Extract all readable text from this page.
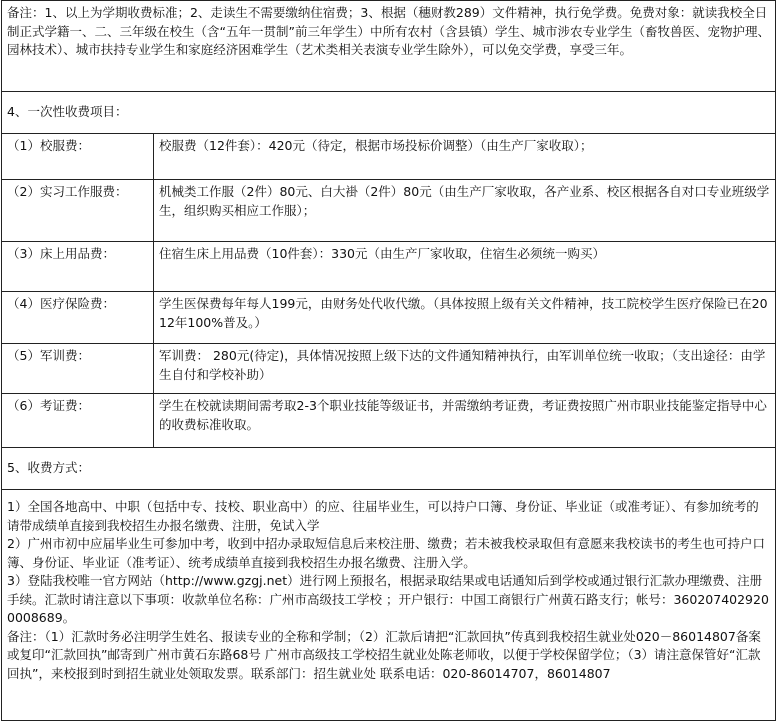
备注：1、以上为学期收费标准；2、走读生不需要缴纳住宿费；3、根据（穗财教289）文件精神，执行免学费。免费对象：就读我校全日制正式学籍一、二、三年级在校生（含“五年一贯制”前三年学生）中所有农村（含县镇）学生、城市涉农专业学生（畜牧兽医、宠物护理、园林技术）、城市扶持专业学生和家庭经济困难学生（艺术类相关表演专业学生除外），可以免交学费，享受三年。	
4、一次性收费项目：	
（1）校服费：	校服费（12件套）：420元（待定，根据市场投标价调整）（由生产厂家收取）；
（2）实习工作服费：	机械类工作服（2件）80元、白大褂（2件）80元（由生产厂家收取，各产业系、校区根据各自对口专业班级学生，组织购买相应工作服）；
（3）床上用品费：	住宿生床上用品费（10件套）：330元（由生产厂家收取，住宿生必须统一购买）
（4）医疗保险费：	学生医保费每年每人199元，由财务处代收代缴。（具体按照上级有关文件精神，技工院校学生医疗保险已在2012年100%普及。）
（5）军训费：	军训费： 280元(待定)，具体情况按照上级下达的文件通知精神执行，由军训单位统一收取；（支出途径：由学生自付和学校补助）
（6）考证费：	学生在校就读期间需考取2-3个职业技能等级证书，并需缴纳考证费，考证费按照广州市职业技能鉴定指导中心的收费标准收取。
5、收费方式：	

1）全国各地高中、中职（包括中专、技校、职业高中）的应、往届毕业生，可以持户口簿、身份证、毕业证（或准考证）、有参加统考的请带成绩单直接到我校招生办报名缴费、注册，免试入学

2）广州市初中应届毕业生可参加中考，收到中招办录取短信息后来校注册、缴费；若未被我校录取但有意愿来我校读书的考生也可持户口簿、身份证、毕业证（准考证）、统考成绩单直接到我校招生办报名缴费、注册入学。

3）登陆我校唯一官方网站（http://www.gzgj.net）进行网上预报名，根据录取结果或电话通知后到学校或通过银行汇款办理缴费、注册手续。汇款时请注意以下事项：收款单位名称：广州市高级技工学校 ；开户银行：中国工商银行广州黄石路支行；帐号：3602074029200008689。

备注：（1）汇款时务必注明学生姓名、报读专业的全称和学制；（2）汇款后请把“汇款回执”传真到我校招生就业处020－86014807备案或复印“汇款回执”邮寄到广州市黄石东路68号 广州市高级技工学校招生就业处陈老师收，以便于学校保留学位；（3）请注意保管好“汇款回执”，来校报到时到招生就业处领取发票。联系部门：招生就业处 联系电话：020-86014707，86014807	
